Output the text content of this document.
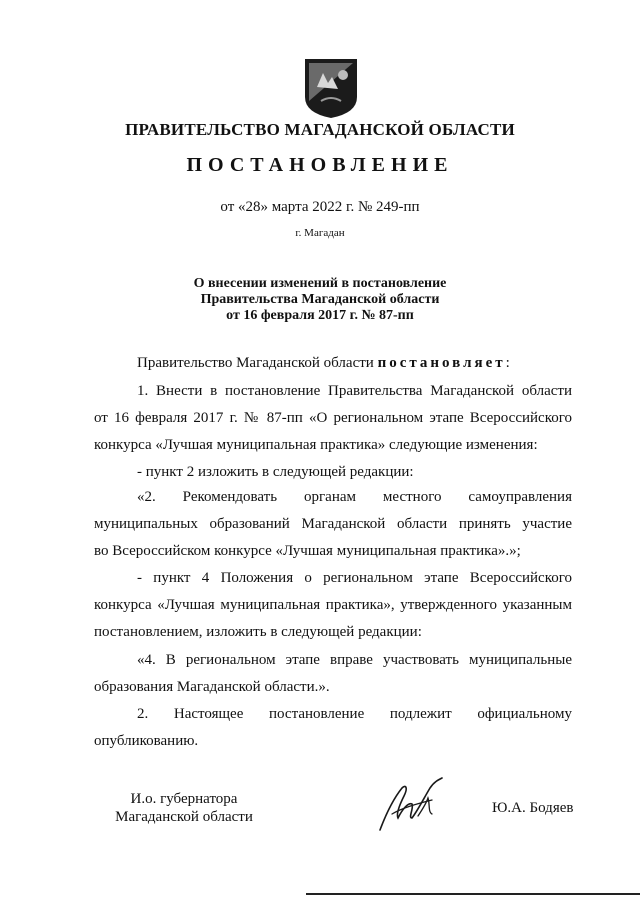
ПРАВИТЕЛЬСТВО МАГАДАНСКОЙ ОБЛАСТИ
ПОСТАНОВЛЕНИЕ
от «28» марта 2022 г. № 249-пп
г. Магадан
О внесении изменений в постановление
Правительства Магаданской области
от 16 февраля 2017 г. № 87-пп
Правительство Магаданской области постановляет:
1. Внести в постановление Правительства Магаданской области
от 16 февраля 2017 г. № 87-пп «О региональном этапе Всероссийского
конкурса «Лучшая муниципальная практика» следующие изменения:
- пункт 2 изложить в следующей редакции:
«2. Рекомендовать органам местного самоуправления
муниципальных образований Магаданской области принять участие
во Всероссийском конкурсе «Лучшая муниципальная практика».»;
- пункт 4 Положения о региональном этапе Всероссийского
конкурса «Лучшая муниципальная практика», утвержденного указанным
постановлением, изложить в следующей редакции:
«4. В региональном этапе вправе участвовать муниципальные
образования Магаданской области.».
2. Настоящее постановление подлежит официальному
опубликованию.
И.о. губернатора
Магаданской области
Ю.А. Бодяев
